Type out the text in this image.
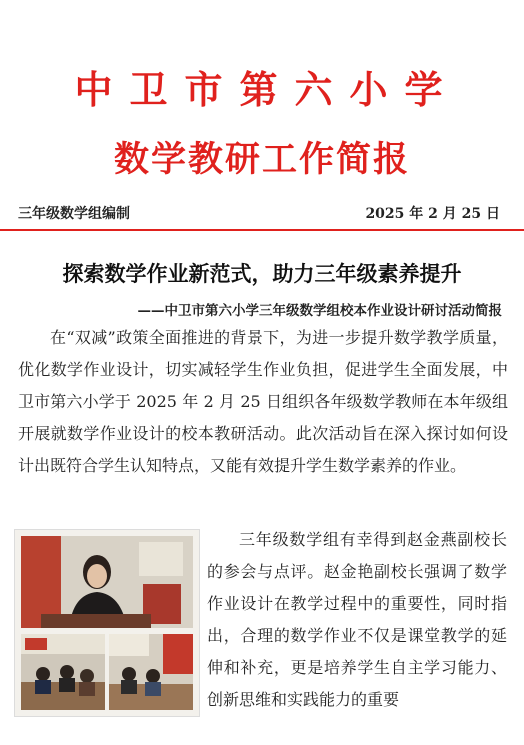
中卫市第六小学
数学教研工作简报
三年级数学组编制	2025 年 2 月 25 日
探索数学作业新范式，助力三年级素养提升
——中卫市第六小学三年级数学组校本作业设计研讨活动简报

在“双减”政策全面推进的背景下，为进一步提升数学教学质量，优化数学作业设计，切实减轻学生作业负担，促进学生全面发展，中卫市第六小学于 2025 年 2 月 25 日组织各年级数学教师在本年级组开展就数学作业设计的校本教研活动。此次活动旨在深入探讨如何设计出既符合学生认知特点，又能有效提升学生数学素养的作业。

三年级数学组有幸得到赵金燕副校长的参会与点评。赵金艳副校长强调了数学作业设计在教学过程中的重要性，同时指出，合理的数学作业不仅是课堂教学的延伸和补充，更是培养学生自主学习能力、创新思维和实践能力的重要
